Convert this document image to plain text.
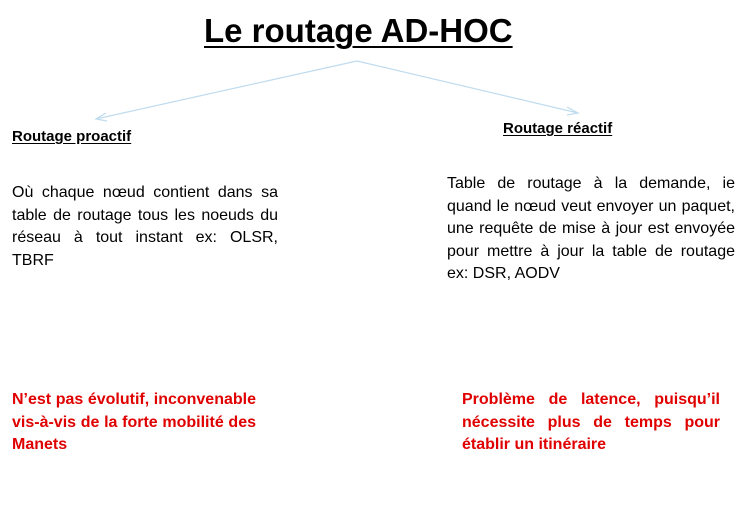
Le routage AD-HOC
Routage proactif	Routage réactif
Où chaque nœud contient dans sa table de routage tous les noeuds du réseau à tout instant ex: OLSR, TBRF
Table de routage à la demande, ie quand le nœud veut envoyer un paquet, une requête de mise à jour est envoyée pour mettre à jour la table de routage ex: DSR, AODV
N’est pas évolutif, inconvenable vis-à-vis de la forte mobilité des Manets
Problème de latence, puisqu’il nécessite plus de temps pour établir un itinéraire
